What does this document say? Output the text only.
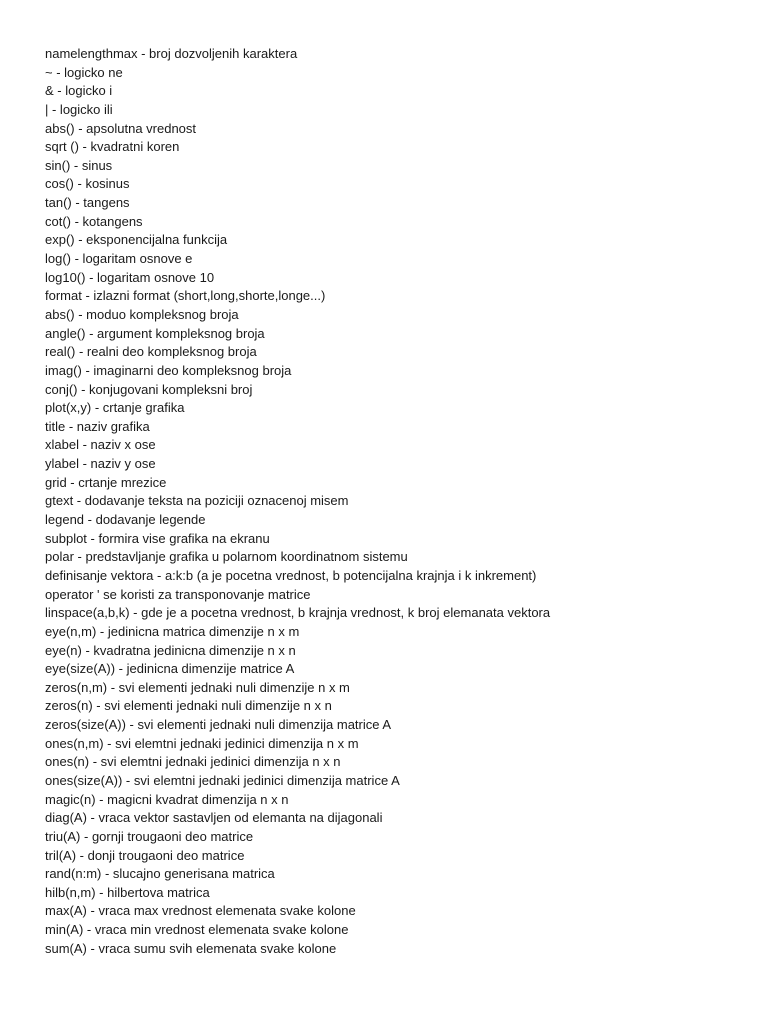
namelengthmax - broj dozvoljenih karaktera
~ - logicko ne
& - logicko i
| - logicko ili
abs() - apsolutna vrednost
sqrt () - kvadratni koren
sin() - sinus
cos() - kosinus
tan() - tangens
cot() - kotangens
exp() - eksponencijalna funkcija
log() - logaritam osnove e
log10() - logaritam osnove 10
format - izlazni format (short,long,shorte,longe...)
abs() - moduo kompleksnog broja
angle() - argument kompleksnog broja
real() - realni deo kompleksnog broja
imag() - imaginarni deo kompleksnog broja
conj() - konjugovani kompleksni broj
plot(x,y) - crtanje grafika
title - naziv grafika
xlabel - naziv x ose
ylabel - naziv y ose
grid - crtanje mrezice
gtext - dodavanje teksta na poziciji oznacenoj misem
legend - dodavanje legende
subplot - formira vise grafika na ekranu
polar - predstavljanje grafika u polarnom koordinatnom sistemu
definisanje vektora - a:k:b (a je pocetna vrednost, b potencijalna krajnja i k inkrement)
operator ' se koristi za transponovanje matrice
linspace(a,b,k) - gde je a pocetna vrednost, b krajnja vrednost, k broj elemanata vektora
eye(n,m) - jedinicna matrica dimenzije n x m
eye(n) - kvadratna jedinicna dimenzije n x n
eye(size(A)) - jedinicna dimenzije matrice A
zeros(n,m) - svi elementi jednaki nuli dimenzije n x m
zeros(n) - svi elementi jednaki nuli dimenzije n x n
zeros(size(A)) - svi elementi jednaki nuli dimenzija matrice A
ones(n,m) - svi elemtni jednaki jedinici dimenzija n x m
ones(n) - svi elemtni jednaki jedinici dimenzija n x n
ones(size(A)) - svi elemtni jednaki jedinici dimenzija matrice A
magic(n) - magicni kvadrat dimenzija n x n
diag(A) - vraca vektor sastavljen od elemanta na dijagonali
triu(A) - gornji trougaoni deo matrice
tril(A) - donji trougaoni deo matrice
rand(n:m) - slucajno generisana matrica
hilb(n,m) - hilbertova matrica
max(A) - vraca max vrednost elemenata svake kolone
min(A) - vraca min vrednost elemenata svake kolone
sum(A) - vraca sumu svih elemenata svake kolone
